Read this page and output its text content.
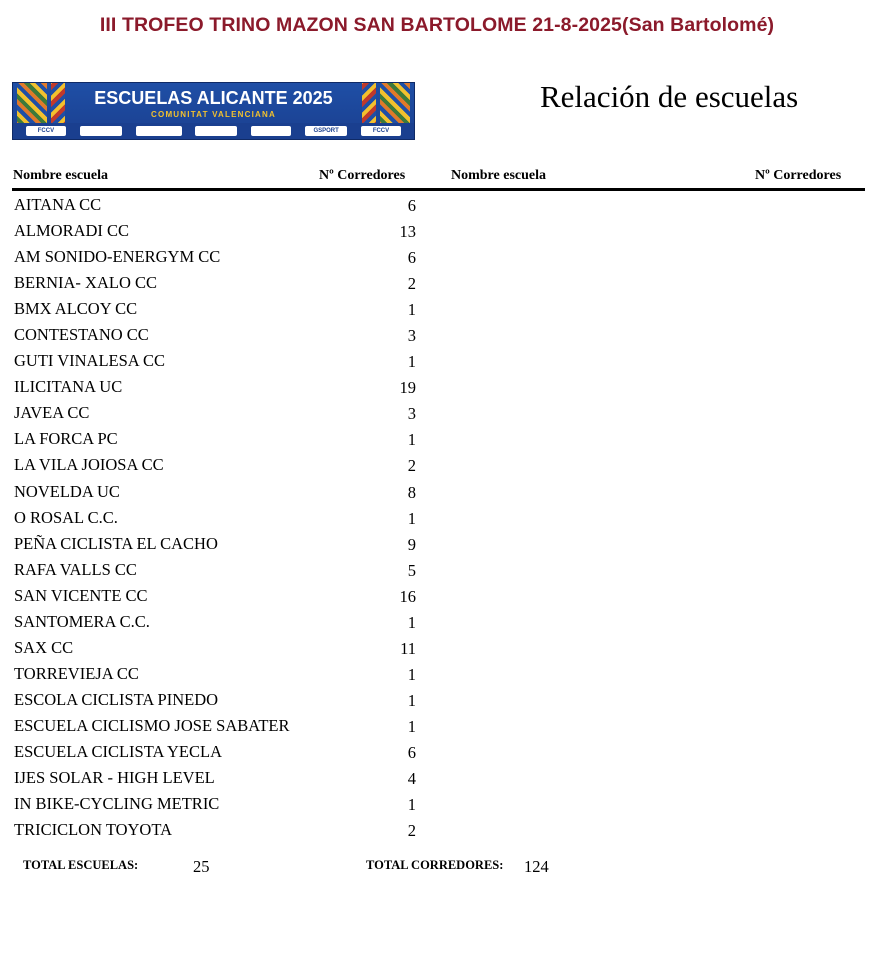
III TROFEO TRINO MAZON SAN BARTOLOME 21-8-2025(San Bartolomé)
ESCUELAS ALICANTE 2025
COMUNITAT VALENCIANA
FCCV	GSPORT	FCCV
Relación de escuelas
Nombre escuela	Nº Corredores	Nombre escuela	Nº Corredores
AITANA CC	6
ALMORADI CC	13
AM SONIDO-ENERGYM CC	6
BERNIA- XALO CC	2
BMX ALCOY CC	1
CONTESTANO CC	3
GUTI VINALESA CC	1
ILICITANA UC	19
JAVEA CC	3
LA FORCA PC	1
LA VILA JOIOSA CC	2
NOVELDA UC	8
O ROSAL C.C.	1
PEÑA CICLISTA EL CACHO	9
RAFA VALLS CC	5
SAN VICENTE CC	16
SANTOMERA C.C.	1
SAX CC	11
TORREVIEJA CC	1
ESCOLA CICLISTA PINEDO	1
ESCUELA CICLISMO JOSE SABATER	1
ESCUELA CICLISTA YECLA	6
IJES SOLAR - HIGH LEVEL	4
IN BIKE-CYCLING METRIC	1
TRICICLON TOYOTA	2
TOTAL ESCUELAS:	25	TOTAL CORREDORES: 124
